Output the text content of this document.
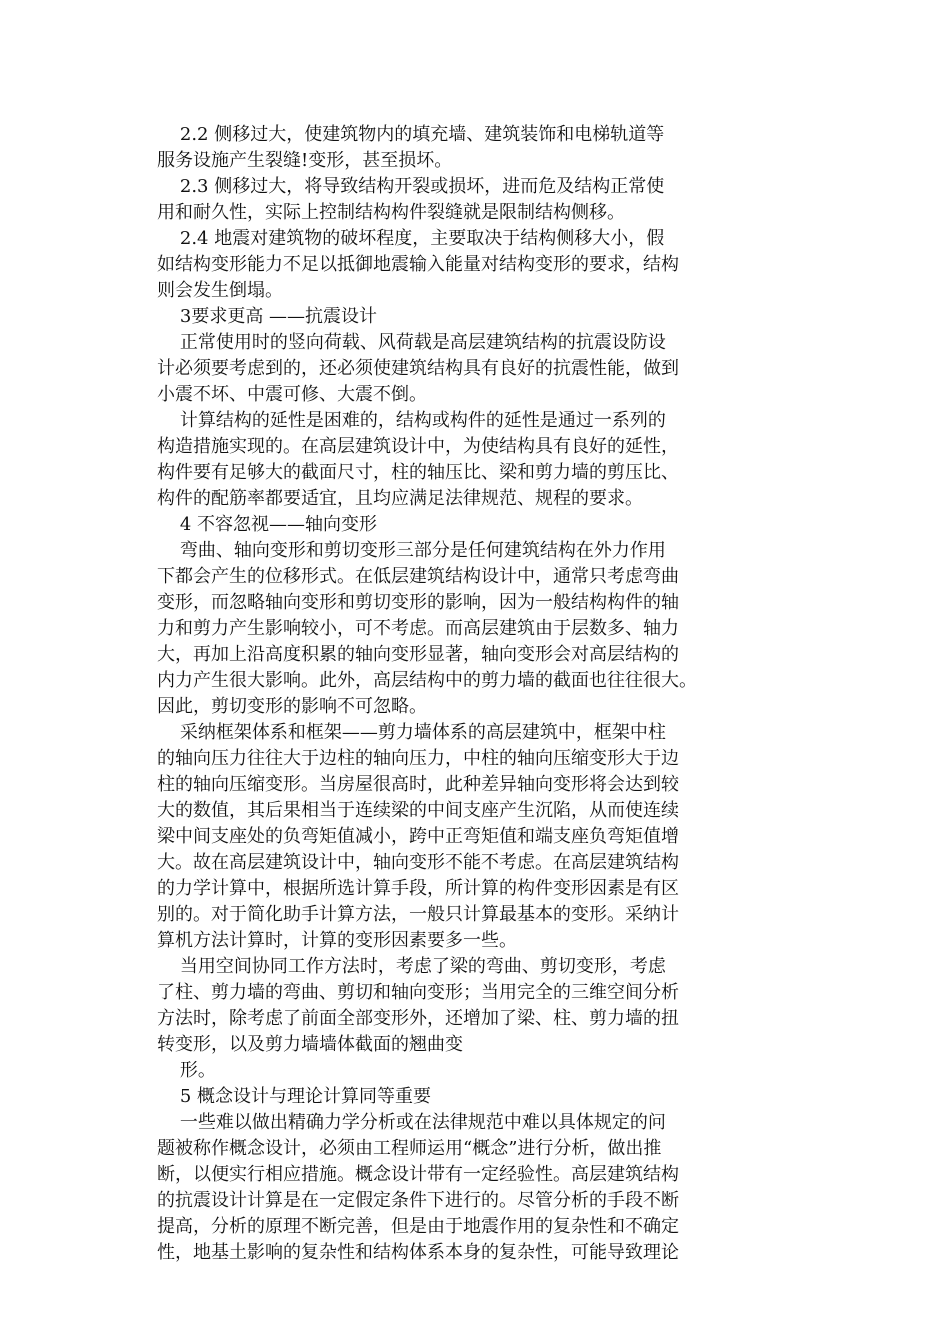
2.2 侧移过大，使建筑物内的填充墙、建筑装饰和电梯轨道等
服务设施产生裂缝!变形，甚至损坏。
2.3 侧移过大，将导致结构开裂或损坏，进而危及结构正常使
用和耐久性，实际上控制结构构件裂缝就是限制结构侧移。
2.4 地震对建筑物的破坏程度，主要取决于结构侧移大小，假
如结构变形能力不足以抵御地震输入能量对结构变形的要求，结构
则会发生倒塌。
3要求更高 ——抗震设计
正常使用时的竖向荷载、风荷载是高层建筑结构的抗震设防设
计必须要考虑到的，还必须使建筑结构具有良好的抗震性能，做到
小震不坏、中震可修、大震不倒。
计算结构的延性是困难的，结构或构件的延性是通过一系列的
构造措施实现的。在高层建筑设计中，为使结构具有良好的延性，
构件要有足够大的截面尺寸，柱的轴压比、梁和剪力墙的剪压比、
构件的配筋率都要适宜，且均应满足法律规范、规程的要求。
4 不容忽视——轴向变形
弯曲、轴向变形和剪切变形三部分是任何建筑结构在外力作用
下都会产生的位移形式。在低层建筑结构设计中，通常只考虑弯曲
变形，而忽略轴向变形和剪切变形的影响，因为一般结构构件的轴
力和剪力产生影响较小，可不考虑。而高层建筑由于层数多、轴力
大，再加上沿高度积累的轴向变形显著，轴向变形会对高层结构的
内力产生很大影响。此外，高层结构中的剪力墙的截面也往往很大。
因此，剪切变形的影响不可忽略。
采纳框架体系和框架——剪力墙体系的高层建筑中，框架中柱
的轴向压力往往大于边柱的轴向压力，中柱的轴向压缩变形大于边
柱的轴向压缩变形。当房屋很高时，此种差异轴向变形将会达到较
大的数值，其后果相当于连续梁的中间支座产生沉陷，从而使连续
梁中间支座处的负弯矩值减小，跨中正弯矩值和端支座负弯矩值增
大。故在高层建筑设计中，轴向变形不能不考虑。在高层建筑结构
的力学计算中，根据所选计算手段，所计算的构件变形因素是有区
别的。对于简化助手计算方法，一般只计算最基本的变形。采纳计
算机方法计算时，计算的变形因素要多一些。
当用空间协同工作方法时，考虑了梁的弯曲、剪切变形，考虑
了柱、剪力墙的弯曲、剪切和轴向变形；当用完全的三维空间分析
方法时，除考虑了前面全部变形外，还增加了梁、柱、剪力墙的扭
转变形，以及剪力墙墙体截面的翘曲变
形。
5 概念设计与理论计算同等重要
一些难以做出精确力学分析或在法律规范中难以具体规定的问
题被称作概念设计，必须由工程师运用“概念”进行分析，做出推
断，以便实行相应措施。概念设计带有一定经验性。高层建筑结构
的抗震设计计算是在一定假定条件下进行的。尽管分析的手段不断
提高，分析的原理不断完善，但是由于地震作用的复杂性和不确定
性，地基土影响的复杂性和结构体系本身的复杂性，可能导致理论
